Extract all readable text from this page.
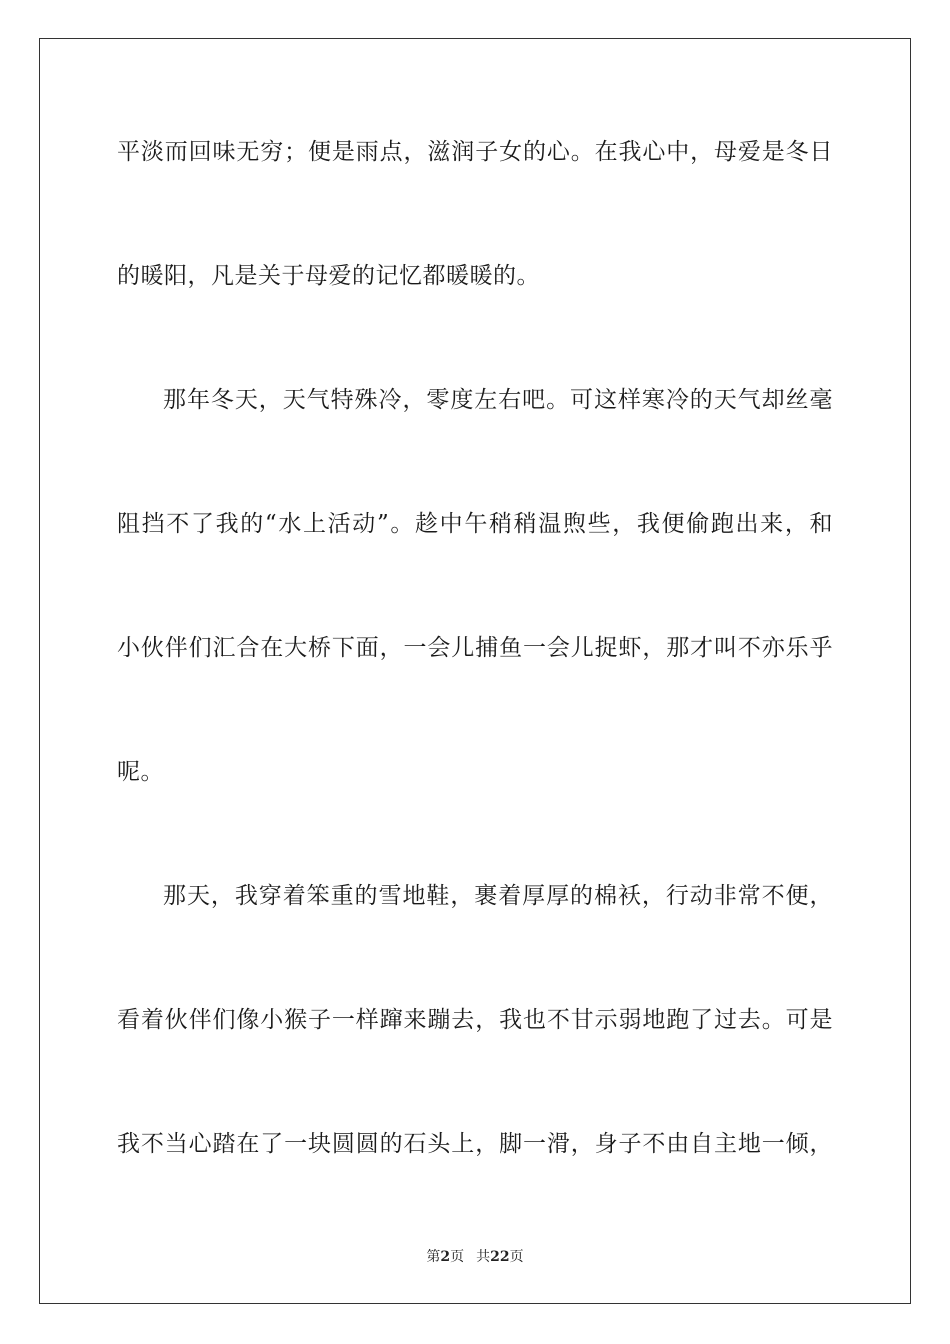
平淡而回味无穷；便是雨点，滋润子女的心。在我心中，母爱是冬日
的暖阳，凡是关于母爱的记忆都暖暖的。
那年冬天，天气特殊冷，零度左右吧。可这样寒冷的天气却丝毫
阻挡不了我的“水上活动”。趁中午稍稍温煦些，我便偷跑出来，和
小伙伴们汇合在大桥下面，一会儿捕鱼一会儿捉虾，那才叫不亦乐乎
呢。
那天，我穿着笨重的雪地鞋，裹着厚厚的棉袄，行动非常不便，
看着伙伴们像小猴子一样蹿来蹦去，我也不甘示弱地跑了过去。可是
我不当心踏在了一块圆圆的石头上，脚一滑，身子不由自主地一倾，
第2页 共22页
